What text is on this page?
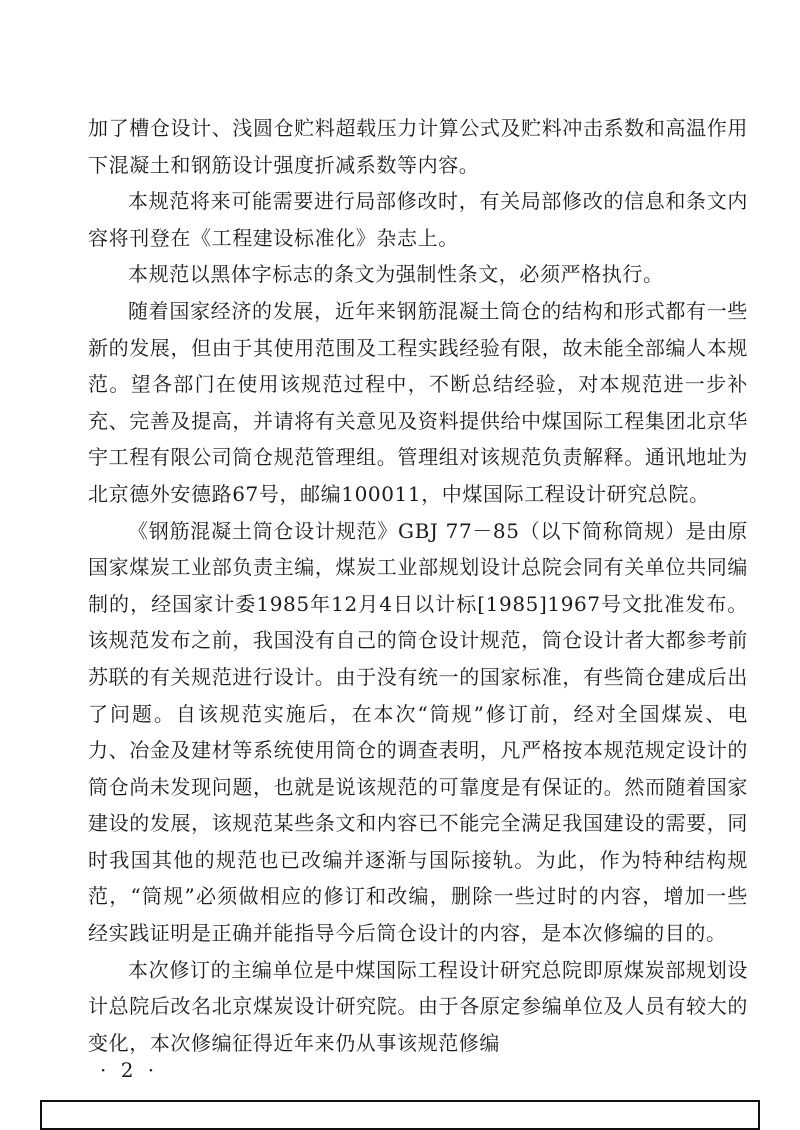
加了槽仓设计、浅圆仓贮料超载压力计算公式及贮料冲击系数和高温作用下混凝土和钢筋设计强度折减系数等内容。

本规范将来可能需要进行局部修改时，有关局部修改的信息和条文内容将刊登在《工程建设标准化》杂志上。

本规范以黑体字标志的条文为强制性条文，必须严格执行。

随着国家经济的发展，近年来钢筋混凝土筒仓的结构和形式都有一些新的发展，但由于其使用范围及工程实践经验有限，故未能全部编人本规范。望各部门在使用该规范过程中，不断总结经验，对本规范进一步补充、完善及提高，并请将有关意见及资料提供给中煤国际工程集团北京华宇工程有限公司筒仓规范管理组。管理组对该规范负责解释。通讯地址为北京德外安德路67号，邮编100011，中煤国际工程设计研究总院。

《钢筋混凝土筒仓设计规范》GBJ 77－85（以下简称筒规）是由原国家煤炭工业部负责主编，煤炭工业部规划设计总院会同有关单位共同编制的，经国家计委1985年12月4日以计标[1985]1967号文批准发布。该规范发布之前，我国没有自己的筒仓设计规范，筒仓设计者大都参考前苏联的有关规范进行设计。由于没有统一的国家标准，有些筒仓建成后出了问题。自该规范实施后，在本次“筒规”修订前，经对全国煤炭、电力、冶金及建材等系统使用筒仓的调查表明，凡严格按本规范规定设计的筒仓尚未发现问题，也就是说该规范的可靠度是有保证的。然而随着国家建设的发展，该规范某些条文和内容已不能完全满足我国建设的需要，同时我国其他的规范也已改编并逐渐与国际接轨。为此，作为特种结构规范，“筒规”必须做相应的修订和改编，删除一些过时的内容，增加一些经实践证明是正确并能指导今后筒仓设计的内容，是本次修编的目的。

本次修订的主编单位是中煤国际工程设计研究总院即原煤炭部规划设计总院后改名北京煤炭设计研究院。由于各原定参编单位及人员有较大的变化，本次修编征得近年来仍从事该规范修编

· 2 ·
